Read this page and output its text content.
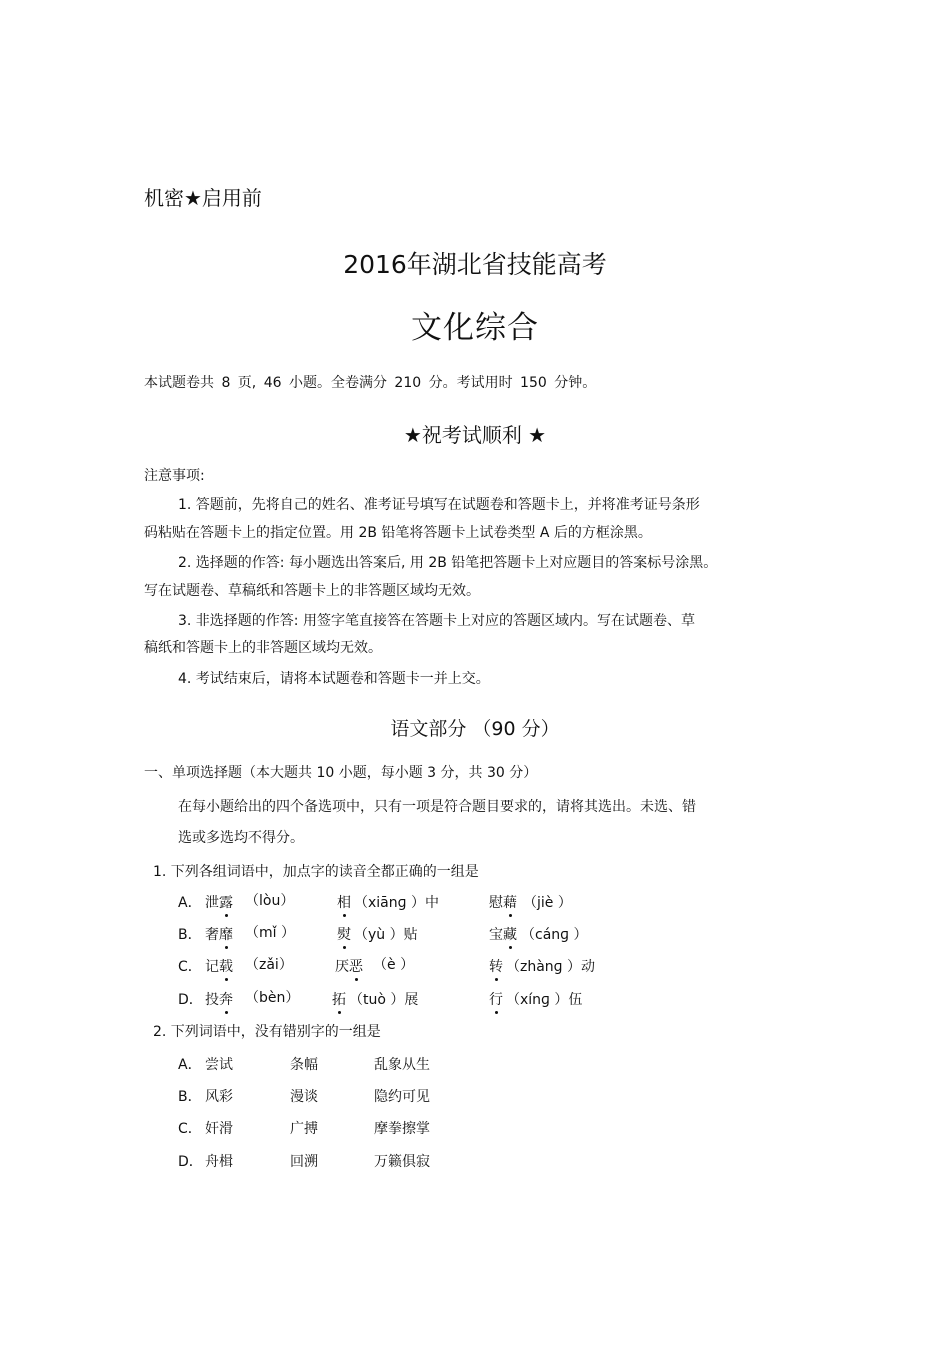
机密★启用前
2016年湖北省技能高考
文化综合
本试题卷共 8 页, 46 小题。全卷满分 210 分。考试用时 150 分钟。
★祝考试顺利 ★
注意事项:
1. 答题前，先将自己的姓名、准考证号填写在试题卷和答题卡上，并将准考证号条形
码粘贴在答题卡上的指定位置。用 2B 铅笔将答题卡上试卷类型 A 后的方框涂黑。
2. 选择题的作答: 每小题选出答案后, 用 2B 铅笔把答题卡上对应题目的答案标号涂黑。
写在试题卷、草稿纸和答题卡上的非答题区域均无效。
3. 非选择题的作答: 用签字笔直接答在答题卡上对应的答题区域内。写在试题卷、草
稿纸和答题卡上的非答题区域均无效。
4. 考试结束后，请将本试题卷和答题卡一并上交。
语文部分 （90 分）
一、单项选择题（本大题共 10 小题，每小题 3 分，共 30 分）
在每小题给出的四个备选项中，只有一项是符合题目要求的，请将其选出。未选、错
选或多选均不得分。
1. 下列各组词语中，加点字的读音全都正确的一组是
A． 泄露 （lòu）	相 （xiānɡ ）中	慰藉 （jiè ）
B． 奢靡 （mǐ ）	熨 （yù ）贴	宝藏 （cánɡ ）
C． 记载 （zǎi）	厌恶 （è ）	转 （zhànɡ ）动
D． 投奔 （bèn） 拓 （tuò ）展	行 （xínɡ ）伍
2. 下列词语中，没有错别字的一组是
A． 尝试	条幅	乱象从生
B． 风彩	漫谈	隐约可见
C． 奸滑	广搏	摩拳擦掌
D． 舟楫	回溯	万籁俱寂
